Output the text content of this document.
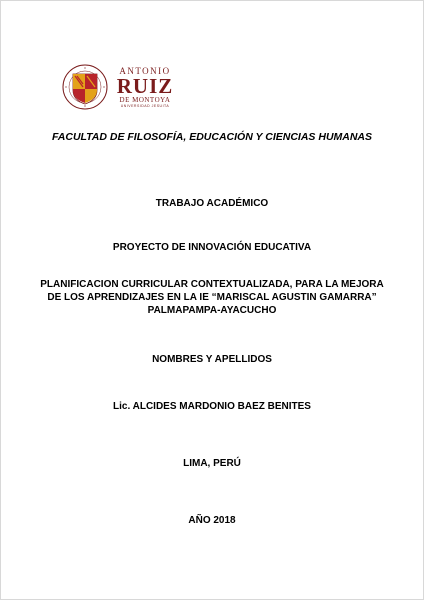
ANTONIO
RUIZ
DE MONTOYA
UNIVERSIDAD JESUITA
FACULTAD DE FILOSOFÍA, EDUCACIÓN Y CIENCIAS HUMANAS
TRABAJO ACADÉMICO
PROYECTO DE INNOVACIÓN EDUCATIVA
PLANIFICACION CURRICULAR CONTEXTUALIZADA, PARA LA MEJORA DE LOS APRENDIZAJES EN LA IE “MARISCAL AGUSTIN GAMARRA” PALMAPAMPA-AYACUCHO
NOMBRES Y APELLIDOS
Lic. ALCIDES MARDONIO BAEZ BENITES
LIMA, PERÚ
AÑO 2018
